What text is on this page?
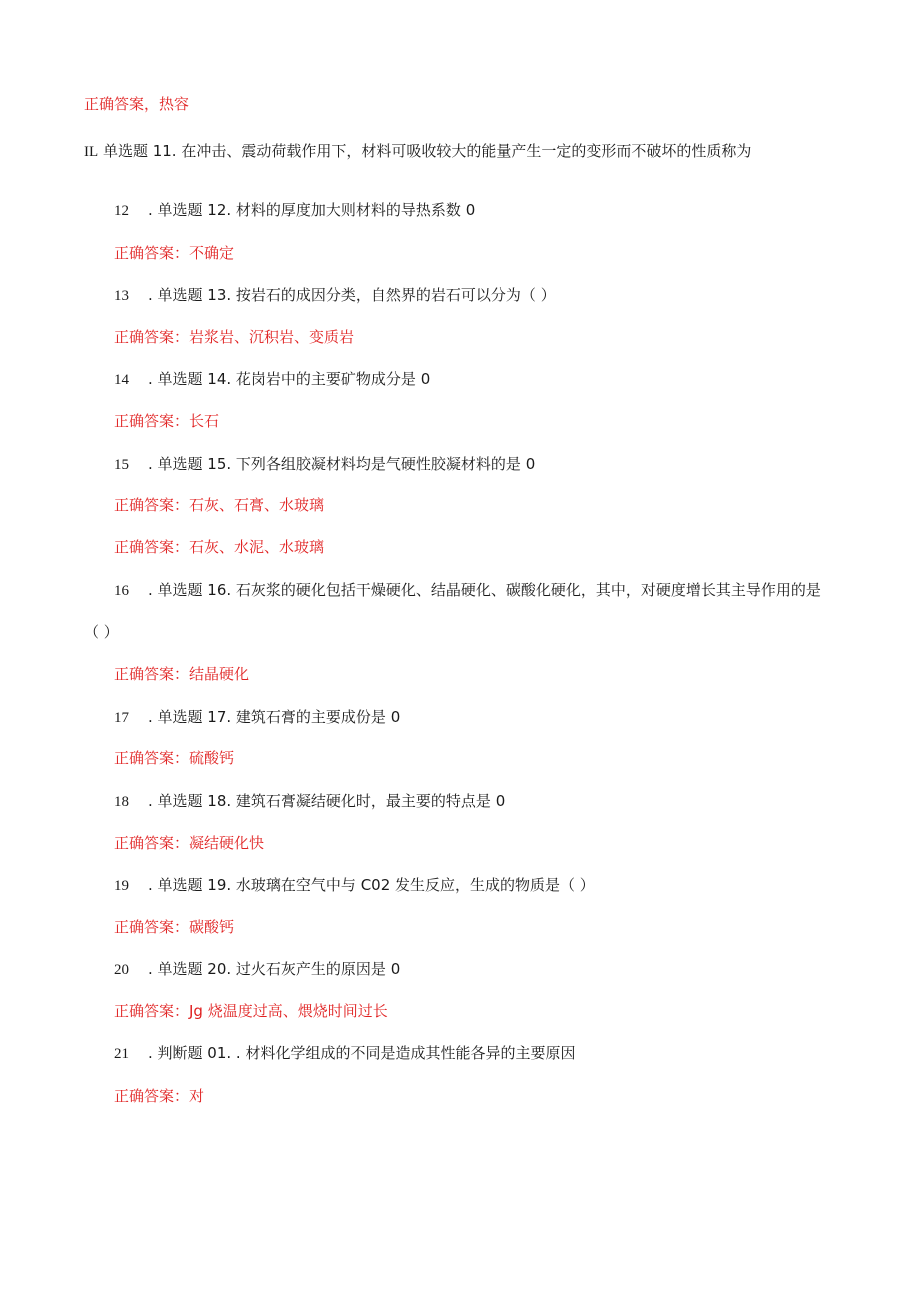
正确答案，热容
IL 单选题 11. 在冲击、震动荷载作用下，材料可吸收较大的能量产生一定的变形而不破坏的性质称为
12 . 单选题 12. 材料的厚度加大则材料的导热系数 0
正确答案：不确定
13 . 单选题 13. 按岩石的成因分类，自然界的岩石可以分为（ ）
正确答案：岩浆岩、沉积岩、变质岩
14 . 单选题 14. 花岗岩中的主要矿物成分是 0
正确答案：长石
15 . 单选题 15. 下列各组胶凝材料均是气硬性胶凝材料的是 0
正确答案：石灰、石膏、水玻璃
正确答案：石灰、水泥、水玻璃
16 . 单选题 16. 石灰浆的硬化包括干燥硬化、结晶硬化、碳酸化硬化，其中，对硬度增长其主导作用的是
（ ）
正确答案：结晶硬化
17 . 单选题 17. 建筑石膏的主要成份是 0
正确答案：硫酸钙
18 . 单选题 18. 建筑石膏凝结硬化时，最主要的特点是 0
正确答案：凝结硬化快
19 . 单选题 19. 水玻璃在空气中与 C02 发生反应，生成的物质是（ ）
正确答案：碳酸钙
20 . 单选题 20. 过火石灰产生的原因是 0
正确答案：Jg 烧温度过高、煨烧时间过长
21 . 判断题 01. . 材料化学组成的不同是造成其性能各异的主要原因
正确答案：对
